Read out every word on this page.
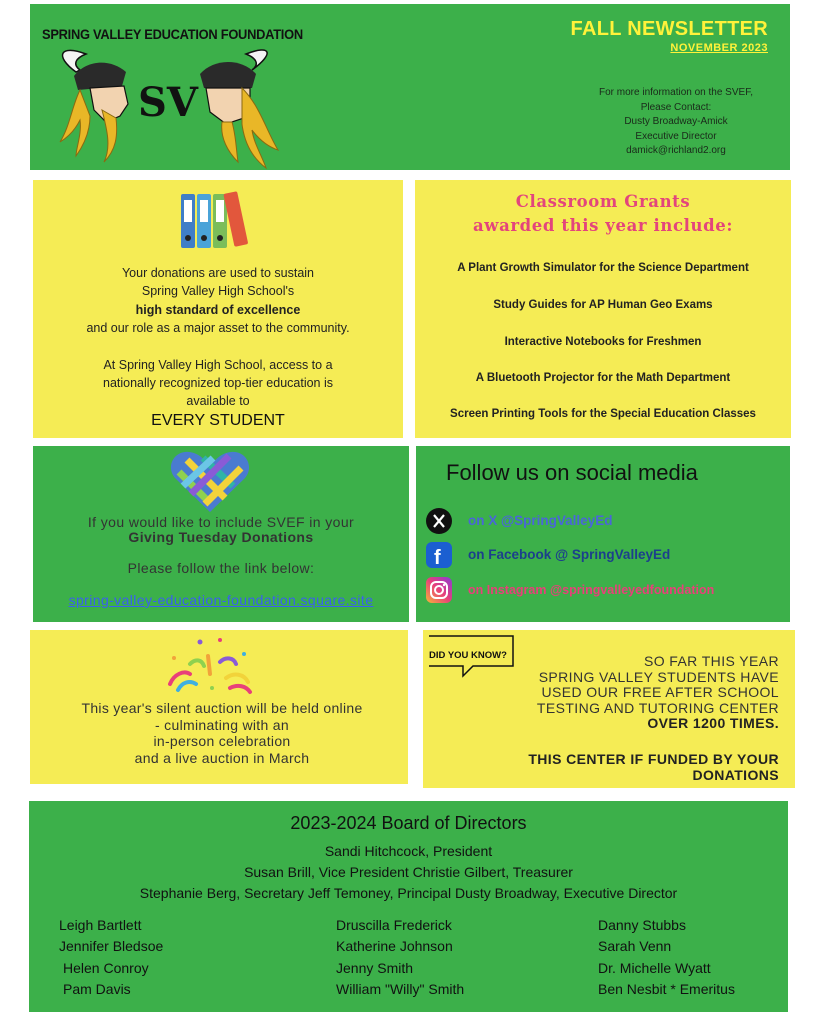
SPRING VALLEY EDUCATION FOUNDATION
SV
FALL NEWSLETTER
NOVEMBER 2023
For more information on the SVEF,
Please Contact:
Dusty Broadway-Amick
Executive Director
damick@richland2.org
Your donations are used to sustain
Spring Valley High School's
high standard of excellence
and our role as a major asset to the community.
At Spring Valley High School, access to a
nationally recognized top-tier education is
available to
EVERY STUDENT
Classroom Grants
awarded this year include:
A Plant Growth Simulator for the Science Department
Study Guides for AP Human Geo Exams
Interactive Notebooks for Freshmen
A Bluetooth Projector for the Math Department
Screen Printing Tools for the Special Education Classes
If you would like to include SVEF in your
Giving Tuesday Donations
Please follow the link below:
spring-valley-education-foundation.square.site
Follow us on social media
on X @SpringValleyEd
f on Facebook @ SpringValleyEd
on Instagram @springvalleyedfoundation
This year's silent auction will be held online
- culminating with an
in-person celebration
and a live auction in March
DID YOU KNOW?	SO FAR THIS YEAR
SPRING VALLEY STUDENTS HAVE
USED OUR FREE AFTER SCHOOL
TESTING AND TUTORING CENTER
OVER 1200 TIMES.
THIS CENTER IF FUNDED BY YOUR
DONATIONS
2023-2024 Board of Directors
Sandi Hitchcock, President
Susan Brill, Vice President Christie Gilbert, Treasurer
Stephanie Berg, Secretary Jeff Temoney, Principal Dusty Broadway, Executive Director
Leigh Bartlett
Jennifer Bledsoe
Helen Conroy
Pam Davis
Druscilla Frederick
Katherine Johnson
Jenny Smith
William "Willy" Smith
Danny Stubbs
Sarah Venn
Dr. Michelle Wyatt
Ben Nesbit * Emeritus
